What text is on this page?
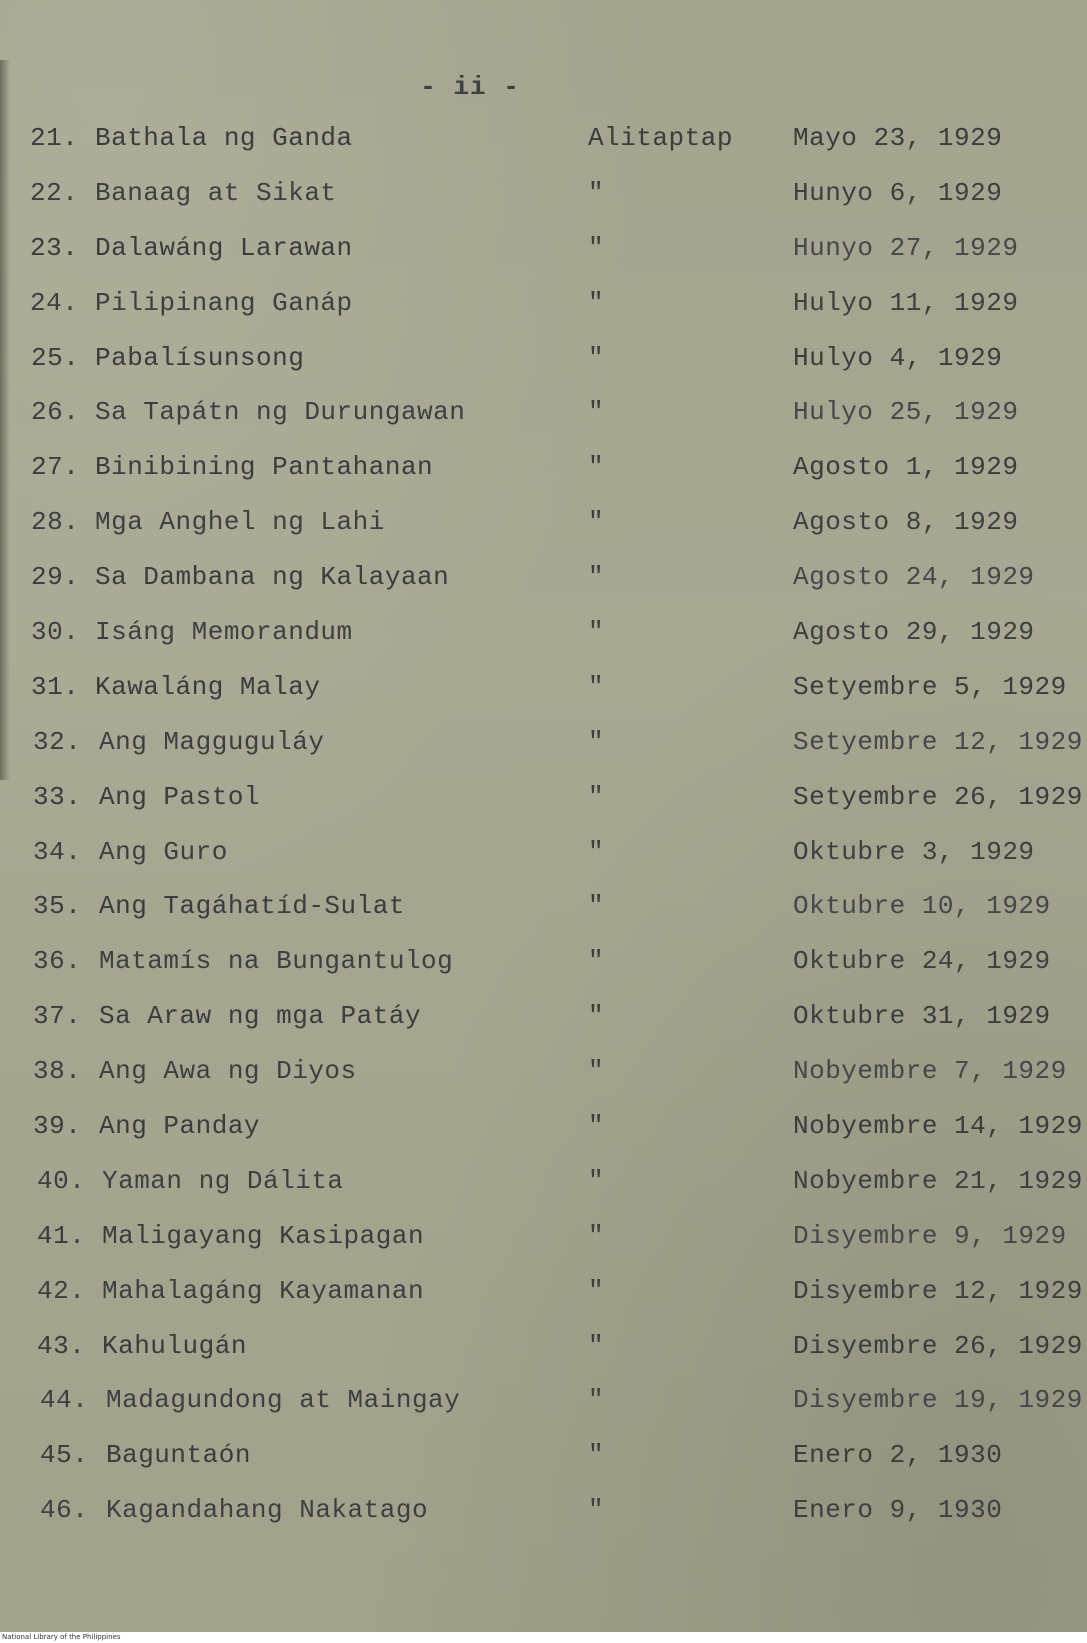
- ii -
21. Bathala ng Ganda	Alitaptap Mayo 23, 1929
22. Banaag at Sikat	"	Hunyo 6, 1929
23. Dalawáng Larawan	"	Hunyo 27, 1929
24. Pilipinang Ganáp	"	Hulyo 11, 1929
25. Pabalísunsong	"	Hulyo 4, 1929
26. Sa Tapátn ng Durungawan	"	Hulyo 25, 1929
27. Binibining Pantahanan	"	Agosto 1, 1929
28. Mga Anghel ng Lahi	"	Agosto 8, 1929
29. Sa Dambana ng Kalayaan	"	Agosto 24, 1929
30. Isáng Memorandum	"	Agosto 29, 1929
31. Kawaláng Malay	"	Setyembre 5, 1929
32. Ang Magguguláy	"	Setyembre 12, 1929
33. Ang Pastol	"	Setyembre 26, 1929
34. Ang Guro	"	Oktubre 3, 1929
35. Ang Tagáhatíd-Sulat	"	Oktubre 10, 1929
36. Matamís na Bungantulog	"	Oktubre 24, 1929
37. Sa Araw ng mga Patáy	"	Oktubre 31, 1929
38. Ang Awa ng Diyos	"	Nobyembre 7, 1929
39. Ang Panday	"	Nobyembre 14, 1929
40. Yaman ng Dálita	"	Nobyembre 21, 1929
41. Maligayang Kasipagan	"	Disyembre 9, 1929
42. Mahalagáng Kayamanan	"	Disyembre 12, 1929
43. Kahulugán	"	Disyembre 26, 1929
44. Madagundong at Maingay	"	Disyembre 19, 1929
45. Baguntaón	"	Enero 2, 1930
46. Kagandahang Nakatago	"	Enero 9, 1930
National Library of the Philippines
